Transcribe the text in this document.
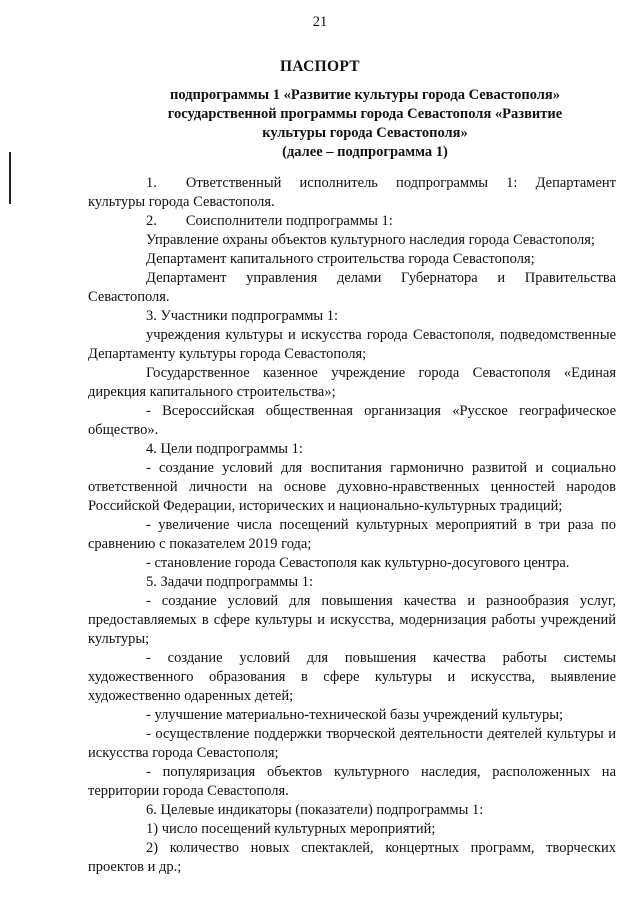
21
ПАСПОРТ
подпрограммы 1 «Развитие культуры города Севастополя»
государственной программы города Севастополя «Развитие
культуры города Севастополя»
(далее – подпрограмма 1)

1.  Ответственный исполнитель подпрограммы 1: Департамент культуры города Севастополя.

2.  Соисполнители подпрограммы 1:

Управление охраны объектов культурного наследия города Севастополя;

Департамент капитального строительства города Севастополя;

Департамент управления делами Губернатора и Правительства Севастополя.

3. Участники подпрограммы 1:

учреждения культуры и искусства города Севастополя, подведомственные Департаменту культуры города Севастополя;

Государственное казенное учреждение города Севастополя «Единая дирекция капитального строительства»;

- Всероссийская общественная организация «Русское географическое общество».

4. Цели подпрограммы 1:

- создание условий для воспитания гармонично развитой и социально ответственной личности на основе духовно-нравственных ценностей народов Российской Федерации, исторических и национально-культурных традиций;

- увеличение числа посещений культурных мероприятий в три раза по сравнению с показателем 2019 года;

- становление города Севастополя как культурно-досугового центра.

5. Задачи подпрограммы 1:

- создание условий для повышения качества и разнообразия услуг, предоставляемых в сфере культуры и искусства, модернизация работы учреждений культуры;

- создание условий для повышения качества работы системы художественного образования в сфере культуры и искусства, выявление художественно одаренных детей;

- улучшение материально-технической базы учреждений культуры;

- осуществление поддержки творческой деятельности деятелей культуры и искусства города Севастополя;

- популяризация объектов культурного наследия, расположенных на территории города Севастополя.

6. Целевые индикаторы (показатели) подпрограммы 1:

1) число посещений культурных мероприятий;

2) количество новых спектаклей, концертных программ, творческих проектов и др.;
